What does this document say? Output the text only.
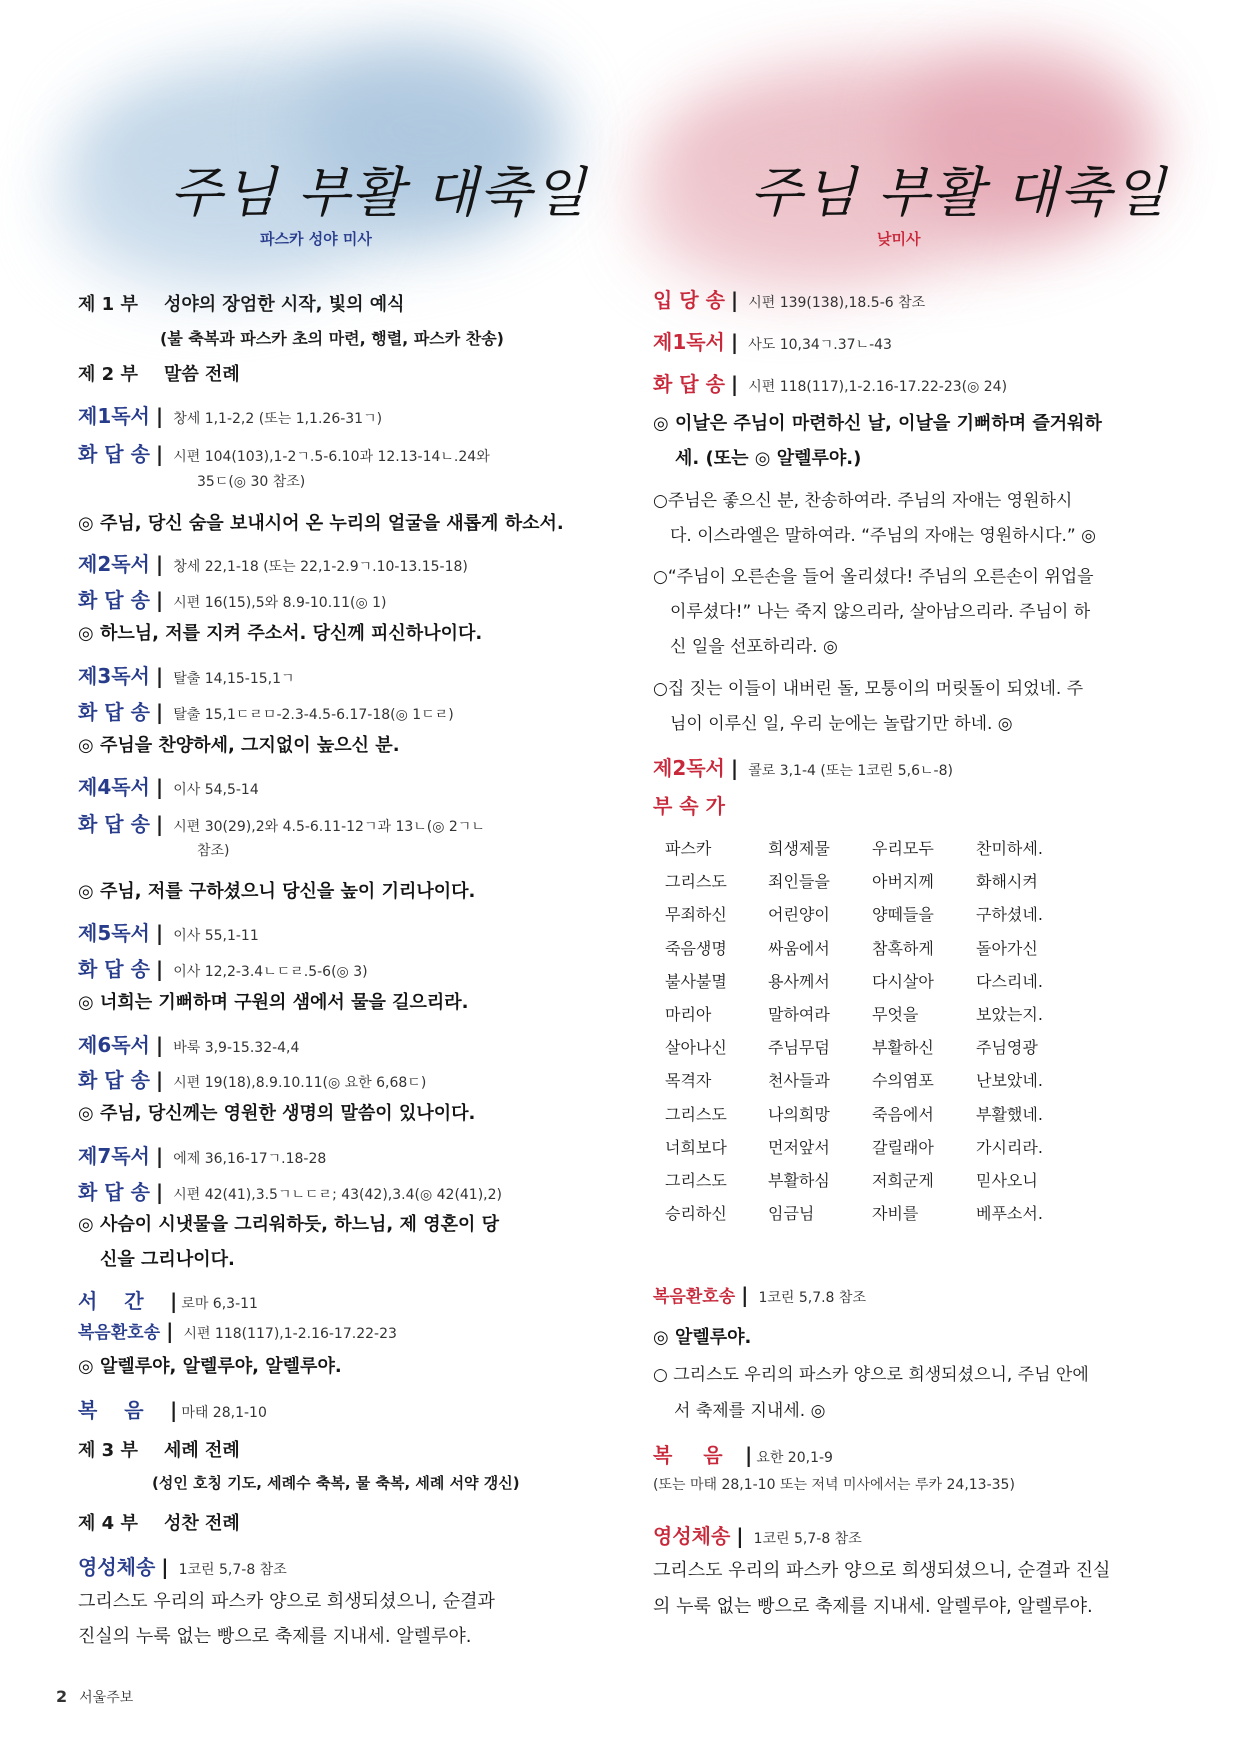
주님 부활 대축일
파스카 성야 미사
제 1 부 성야의 장엄한 시작, 빛의 예식
(불 축복과 파스카 초의 마련, 행렬, 파스카 찬송)
제 2 부 말씀 전례
제1독서 | 창세 1,1-2,2 (또는 1,1.26-31ㄱ)
화 답 송 | 시편 104(103),1-2ㄱ.5-6.10과 12.13-14ㄴ.24와
35ㄷ(◎ 30 참조)
◎ 주님, 당신 숨을 보내시어 온 누리의 얼굴을 새롭게 하소서.
제2독서 | 창세 22,1-18 (또는 22,1-2.9ㄱ.10-13.15-18)
화 답 송 | 시편 16(15),5와 8.9-10.11(◎ 1)
◎ 하느님, 저를 지켜 주소서. 당신께 피신하나이다.
제3독서 | 탈출 14,15-15,1ㄱ
화 답 송 | 탈출 15,1ㄷㄹㅁ-2.3-4.5-6.17-18(◎ 1ㄷㄹ)
◎ 주님을 찬양하세, 그지없이 높으신 분.
제4독서 | 이사 54,5-14
화 답 송 | 시편 30(29),2와 4.5-6.11-12ㄱ과 13ㄴ(◎ 2ㄱㄴ
참조)
◎ 주님, 저를 구하셨으니 당신을 높이 기리나이다.
제5독서 | 이사 55,1-11
화 답 송 | 이사 12,2-3.4ㄴㄷㄹ.5-6(◎ 3)
◎ 너희는 기뻐하며 구원의 샘에서 물을 길으리라.
제6독서 | 바룩 3,9-15.32-4,4
화 답 송 | 시편 19(18),8.9.10.11(◎ 요한 6,68ㄷ)
◎ 주님, 당신께는 영원한 생명의 말씀이 있나이다.
제7독서 | 에제 36,16-17ㄱ.18-28
화 답 송 | 시편 42(41),3.5ㄱㄴㄷㄹ; 43(42),3.4(◎ 42(41),2)
◎ 사슴이 시냇물을 그리워하듯, 하느님, 제 영혼이 당
신을 그리나이다.
서 간 | 로마 6,3-11
복음환호송 | 시편 118(117),1-2.16-17.22-23
◎ 알렐루야, 알렐루야, 알렐루야.
복 음 | 마태 28,1-10
제 3 부 세례 전례
(성인 호칭 기도, 세례수 축복, 물 축복, 세례 서약 갱신)
제 4 부 성찬 전례
영성체송 | 1코린 5,7-8 참조
그리스도 우리의 파스카 양으로 희생되셨으니, 순결과
진실의 누룩 없는 빵으로 축제를 지내세. 알렐루야.
주님 부활 대축일
낮미사
입 당 송 | 시편 139(138),18.5-6 참조
제1독서 | 사도 10,34ㄱ.37ㄴ-43
화 답 송 | 시편 118(117),1-2.16-17.22-23(◎ 24)
◎ 이날은 주님이 마련하신 날, 이날을 기뻐하며 즐거워하
세. (또는 ◎ 알렐루야.)
○주님은 좋으신 분, 찬송하여라. 주님의 자애는 영원하시
다. 이스라엘은 말하여라. “주님의 자애는 영원하시다.” ◎
○“주님이 오른손을 들어 올리셨다! 주님의 오른손이 위업을
이루셨다!” 나는 죽지 않으리라, 살아남으리라. 주님이 하
신 일을 선포하리라. ◎
○집 짓는 이들이 내버린 돌, 모퉁이의 머릿돌이 되었네. 주
님이 이루신 일, 우리 눈에는 놀랍기만 하네. ◎
제2독서 | 콜로 3,1-4 (또는 1코린 5,6ㄴ-8)
부 속 가
파스카	희생제물	우리모두	찬미하세.
그리스도	죄인들을	아버지께	화해시켜
무죄하신	어린양이	양떼들을	구하셨네.
죽음생명	싸움에서	참혹하게	돌아가신
불사불멸	용사께서	다시살아	다스리네.
마리아	말하여라	무엇을	보았는지.
살아나신	주님무덤	부활하신	주님영광
목격자	천사들과	수의염포	난보았네.
그리스도	나의희망	죽음에서	부활했네.
너희보다	먼저앞서	갈릴래아	가시리라.
그리스도	부활하심	저희군게	믿사오니
승리하신	임금님	자비를	베푸소서.
복음환호송 | 1코린 5,7.8 참조
◎ 알렐루야.
○ 그리스도 우리의 파스카 양으로 희생되셨으니, 주님 안에
서 축제를 지내세. ◎
복 음 | 요한 20,1-9
(또는 마태 28,1-10 또는 저녁 미사에서는 루카 24,13-35)
영성체송 | 1코린 5,7-8 참조
그리스도 우리의 파스카 양으로 희생되셨으니, 순결과 진실
의 누룩 없는 빵으로 축제를 지내세. 알렐루야, 알렐루야.
2 서울주보
